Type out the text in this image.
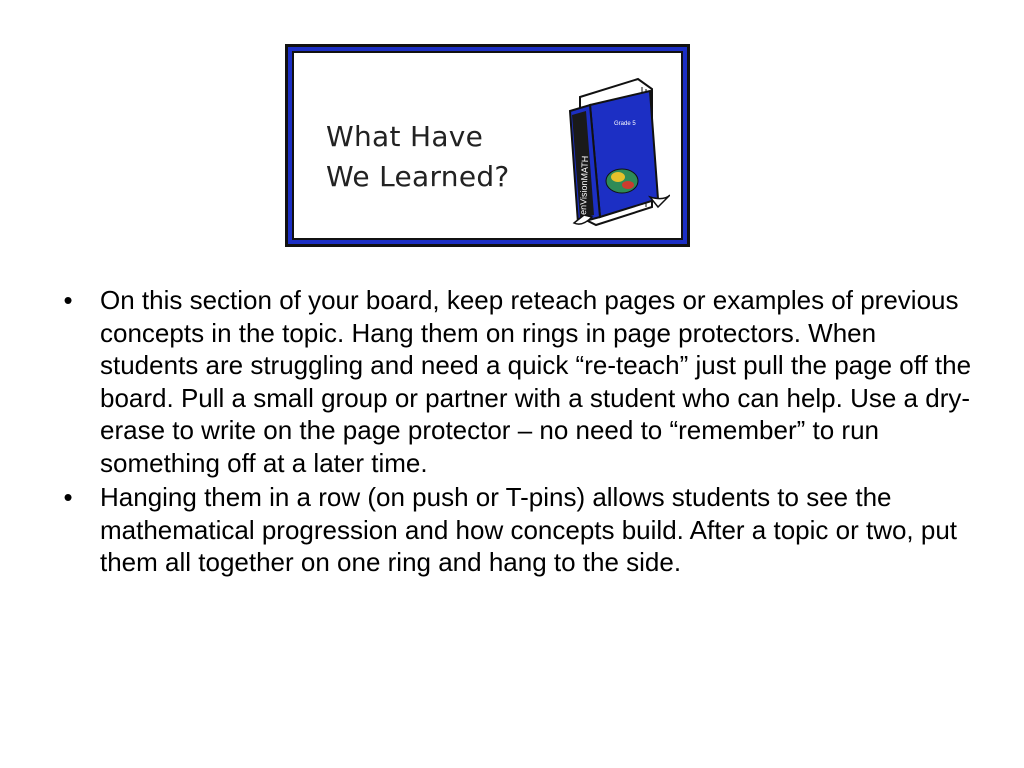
What Have
We Learned?
Grade 5
enVisionMATH
• On this section of your board, keep reteach pages or examples of previous concepts in the topic. Hang them on rings in page protectors. When students are struggling and need a quick “re-teach” just pull the page off the board. Pull a small group or partner with a student who can help. Use a dry-erase to write on the page protector – no need to “remember” to run something off at a later time.
• Hanging them in a row (on push or T-pins) allows students to see the mathematical progression and how concepts build. After a topic or two, put them all together on one ring and hang to the side.
